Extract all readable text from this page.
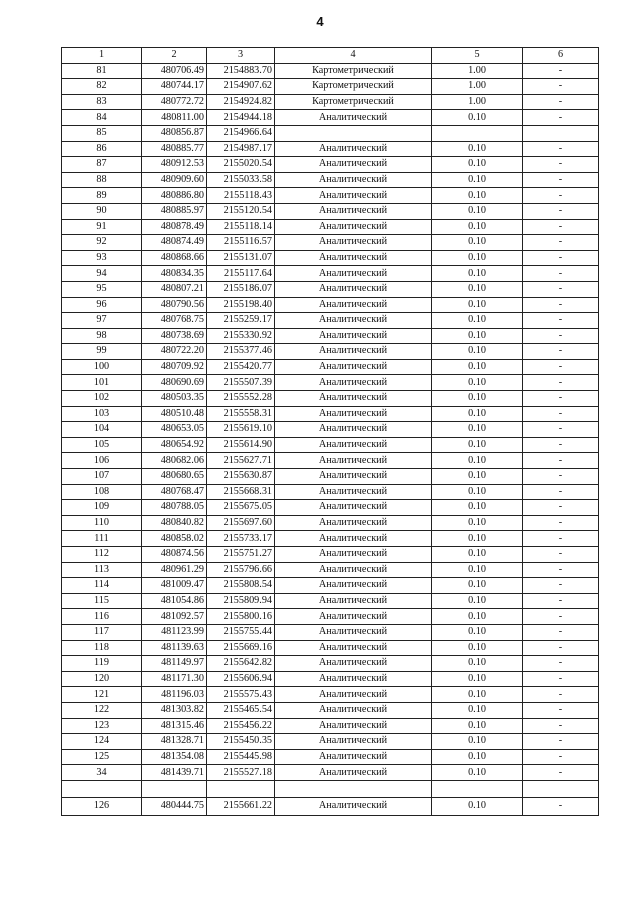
4
1	2	3	4	5	6
81	480706.49	2154883.70	Картометрический	1.00	-
82	480744.17	2154907.62	Картометрический	1.00	-
83	480772.72	2154924.82	Картометрический	1.00	-
84	480811.00	2154944.18	Аналитический	0.10	-
85	480856.87	2154966.64			
86	480885.77	2154987.17	Аналитический	0.10	-
87	480912.53	2155020.54	Аналитический	0.10	-
88	480909.60	2155033.58	Аналитический	0.10	-
89	480886.80	2155118.43	Аналитический	0.10	-
90	480885.97	2155120.54	Аналитический	0.10	-
91	480878.49	2155118.14	Аналитический	0.10	-
92	480874.49	2155116.57	Аналитический	0.10	-
93	480868.66	2155131.07	Аналитический	0.10	-
94	480834.35	2155117.64	Аналитический	0.10	-
95	480807.21	2155186.07	Аналитический	0.10	-
96	480790.56	2155198.40	Аналитический	0.10	-
97	480768.75	2155259.17	Аналитический	0.10	-
98	480738.69	2155330.92	Аналитический	0.10	-
99	480722.20	2155377.46	Аналитический	0.10	-
100	480709.92	2155420.77	Аналитический	0.10	-
101	480690.69	2155507.39	Аналитический	0.10	-
102	480503.35	2155552.28	Аналитический	0.10	-
103	480510.48	2155558.31	Аналитический	0.10	-
104	480653.05	2155619.10	Аналитический	0.10	-
105	480654.92	2155614.90	Аналитический	0.10	-
106	480682.06	2155627.71	Аналитический	0.10	-
107	480680.65	2155630.87	Аналитический	0.10	-
108	480768.47	2155668.31	Аналитический	0.10	-
109	480788.05	2155675.05	Аналитический	0.10	-
110	480840.82	2155697.60	Аналитический	0.10	-
111	480858.02	2155733.17	Аналитический	0.10	-
112	480874.56	2155751.27	Аналитический	0.10	-
113	480961.29	2155796.66	Аналитический	0.10	-
114	481009.47	2155808.54	Аналитический	0.10	-
115	481054.86	2155809.94	Аналитический	0.10	-
116	481092.57	2155800.16	Аналитический	0.10	-
117	481123.99	2155755.44	Аналитический	0.10	-
118	481139.63	2155669.16	Аналитический	0.10	-
119	481149.97	2155642.82	Аналитический	0.10	-
120	481171.30	2155606.94	Аналитический	0.10	-
121	481196.03	2155575.43	Аналитический	0.10	-
122	481303.82	2155465.54	Аналитический	0.10	-
123	481315.46	2155456.22	Аналитический	0.10	-
124	481328.71	2155450.35	Аналитический	0.10	-
125	481354.08	2155445.98	Аналитический	0.10	-
34	481439.71	2155527.18	Аналитический	0.10	-

126	480444.75	2155661.22	Аналитический	0.10	-
